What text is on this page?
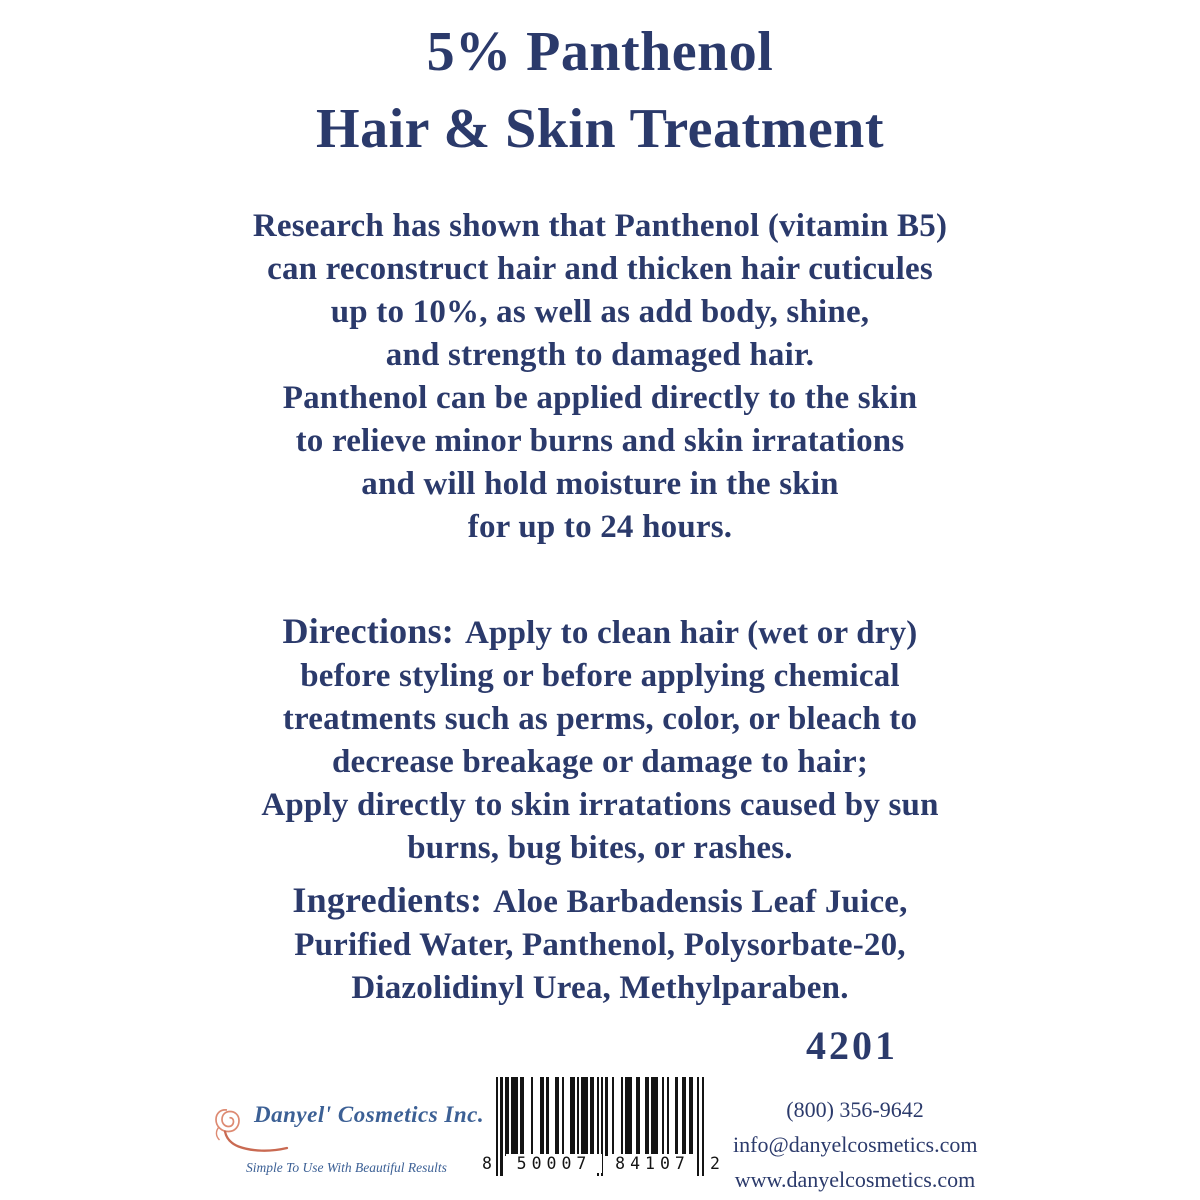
5% Panthenol
Hair & Skin Treatment
Research has shown that Panthenol (vitamin B5)
can reconstruct hair and thicken hair cuticules
up to 10%, as well as add body, shine,
and strength to damaged hair.
Panthenol can be applied directly to the skin
to relieve minor burns and skin irratations
and will hold moisture in the skin
for up to 24 hours.
Directions: Apply to clean hair (wet or dry)
before styling or before applying chemical
treatments such as perms, color, or bleach to
decrease breakage or damage to hair;
Apply directly to skin irratations caused by sun
burns, bug bites, or rashes.
Ingredients: Aloe Barbadensis Leaf Juice,
Purified Water, Panthenol, Polysorbate-20,
Diazolidinyl Urea, Methylparaben.
4201
Danyel' Cosmetics Inc.
Simple To Use With Beautiful Results 8	50007	84107	2
(800) 356-9642
info@danyelcosmetics.com
www.danyelcosmetics.com
